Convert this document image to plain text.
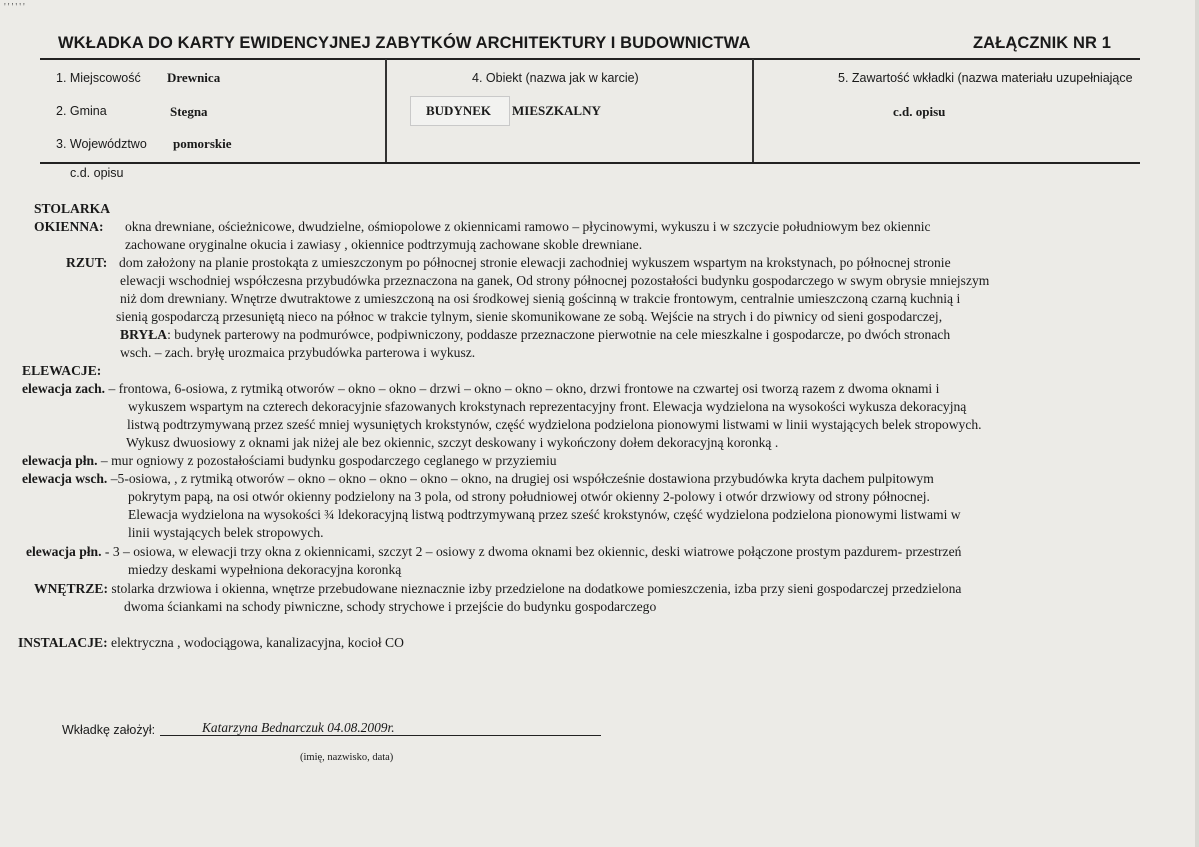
''''''
WKŁADKA DO KARTY EWIDENCYJNEJ ZABYTKÓW ARCHITEKTURY I BUDOWNICTWA	ZAŁĄCZNIK NR 1
1. Miejscowość Drewnica
2. Gmina	Stegna
3. Województwo pomorskie
4. Obiekt (nazwa jak w karcie)
BUDYNEK MIESZKALNY
5. Zawartość wkładki (nazwa materiału uzupełniające
c.d. opisu
c.d. opisu
STOLARKA
OKIENNA: okna drewniane, ościeżnicowe, dwudzielne, ośmiopolowe z okiennicami ramowo – płycinowymi, wykuszu i w szczycie południowym bez okiennic
zachowane oryginalne okucia i zawiasy , okiennice podtrzymują zachowane skoble drewniane.
RZUT: dom założony na planie prostokąta z umieszczonym po północnej stronie elewacji zachodniej wykuszem wspartym na krokstynach, po północnej stronie
elewacji wschodniej współczesna przybudówka przeznaczona na ganek, Od strony północnej pozostałości budynku gospodarczego w swym obrysie mniejszym
niż dom drewniany. Wnętrze dwutraktowe z umieszczoną na osi środkowej sienią gościnną w trakcie frontowym, centralnie umieszczoną czarną kuchnią i
sienią gospodarczą przesuniętą nieco na północ w trakcie tylnym, sienie skomunikowane ze sobą. Wejście na strych i do piwnicy od sieni gospodarczej,
BRYŁA: budynek parterowy na podmurówce, podpiwniczony, poddasze przeznaczone pierwotnie na cele mieszkalne i gospodarcze, po dwóch stronach
wsch. – zach. bryłę urozmaica przybudówka parterowa i wykusz.
ELEWACJE:
elewacja zach. – frontowa, 6-osiowa, z rytmiką otworów – okno – okno – drzwi – okno – okno – okno, drzwi frontowe na czwartej osi tworzą razem z dwoma oknami i
wykuszem wspartym na czterech dekoracyjnie sfazowanych krokstynach reprezentacyjny front. Elewacja wydzielona na wysokości wykusza dekoracyjną
listwą podtrzymywaną przez sześć mniej wysuniętych krokstynów, część wydzielona podzielona pionowymi listwami w linii wystających belek stropowych.
Wykusz dwuosiowy z oknami jak niżej ale bez okiennic, szczyt deskowany i wykończony dołem dekoracyjną koronką .
elewacja płn. – mur ogniowy z pozostałościami budynku gospodarczego ceglanego w przyziemiu
elewacja wsch. –5-osiowa, , z rytmiką otworów – okno – okno – okno – okno – okno, na drugiej osi współcześnie dostawiona przybudówka kryta dachem pulpitowym
pokrytym papą, na osi otwór okienny podzielony na 3 pola, od strony południowej otwór okienny 2-polowy i otwór drzwiowy od strony północnej.
Elewacja wydzielona na wysokości ¾ ldekoracyjną listwą podtrzymywaną przez sześć krokstynów, część wydzielona podzielona pionowymi listwami w
linii wystających belek stropowych.
elewacja płn. - 3 – osiowa, w elewacji trzy okna z okiennicami, szczyt 2 – osiowy z dwoma oknami bez okiennic, deski wiatrowe połączone prostym pazdurem- przestrzeń
miedzy deskami wypełniona dekoracyjna koronką
WNĘTRZE: stolarka drzwiowa i okienna, wnętrze przebudowane nieznacznie izby przedzielone na dodatkowe pomieszczenia, izba przy sieni gospodarczej przedzielona
dwoma ściankami na schody piwniczne, schody strychowe i przejście do budynku gospodarczego
INSTALACJE: elektryczna , wodociągowa, kanalizacyjna, kocioł CO
Wkładkę założył:	Katarzyna Bednarczuk 04.08.2009r.
(imię, nazwisko, data)
